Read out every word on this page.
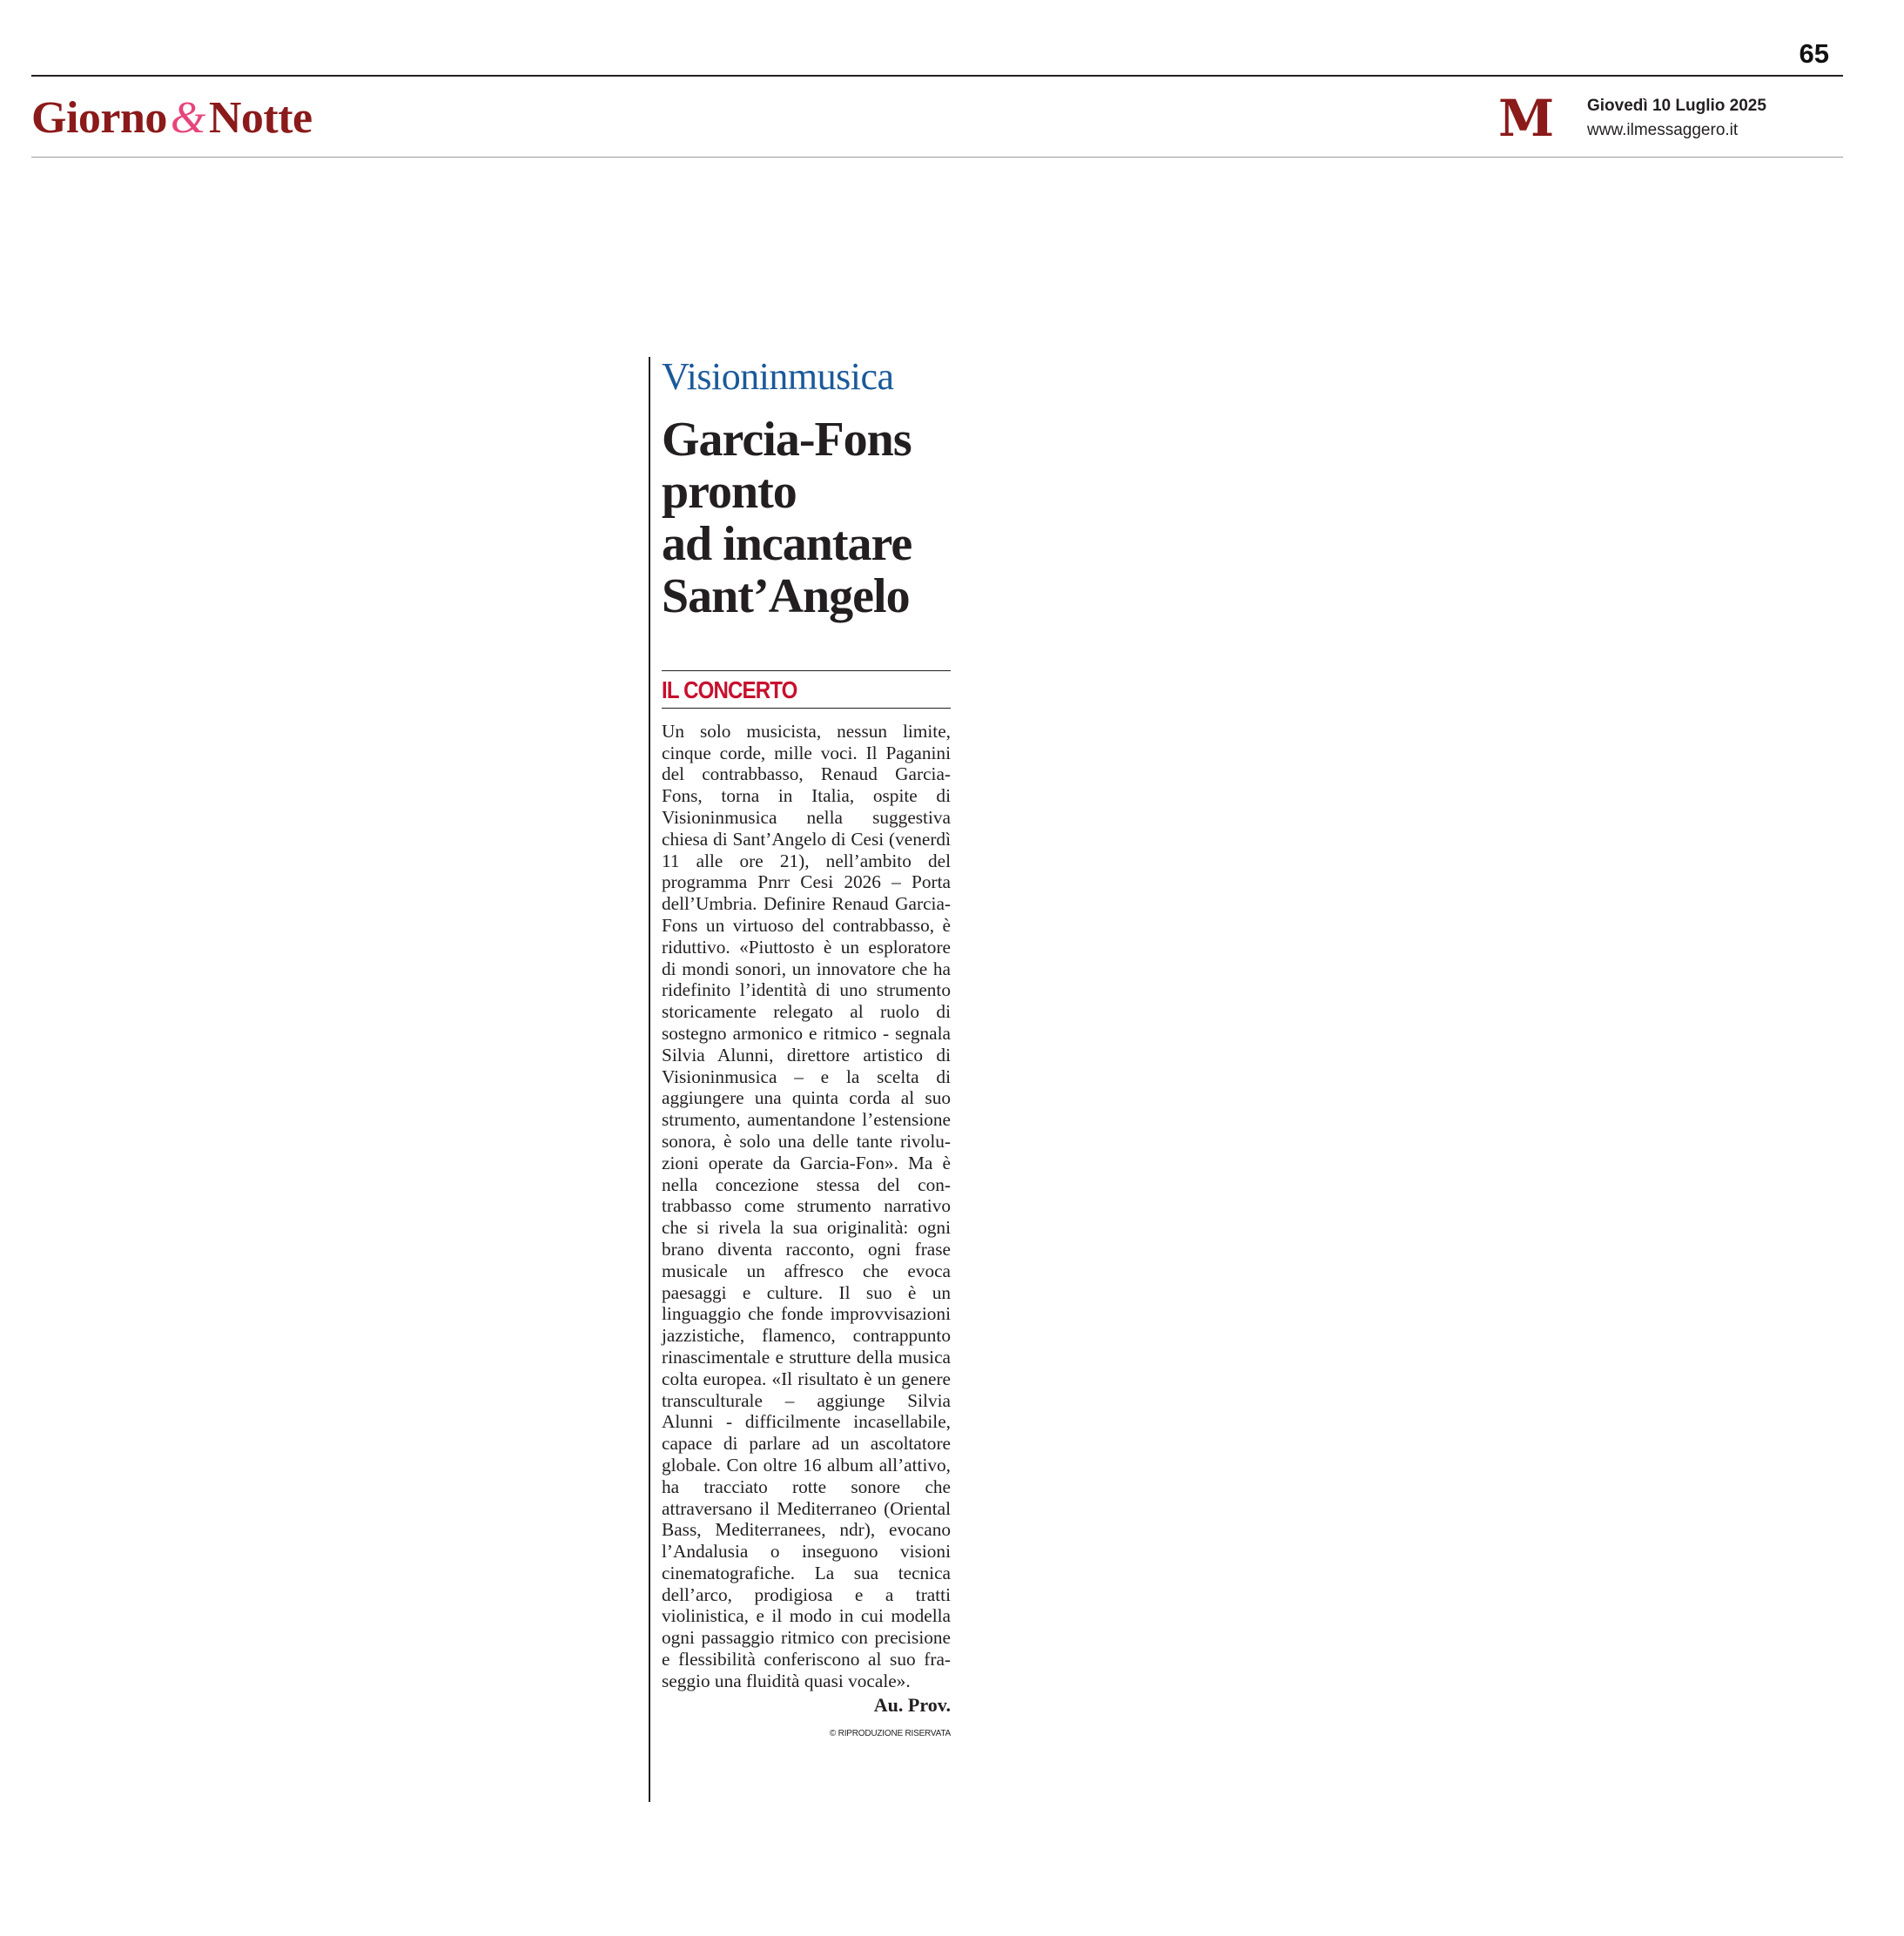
65
Giorno&Notte	M Giovedì 10 Luglio 2025
www.ilmessaggero.it
Visioninmusica
Garcia-Fons
pronto
ad incantare
Sant’Angelo
IL CONCERTO
Un solo musicista, nessun limite, cinque corde, mille voci. Il Paganini del contrabbasso, Renaud Garcia-Fons, torna in Italia, ospite di Visioninmusica nella suggestiva chiesa di Sant’Angelo di Cesi (venerdì 11 alle ore 21), nell’ambito del programma Pnrr Cesi 2026 – Porta dell’Umbria. Definire Renaud Garcia-Fons un virtuoso del contrabbasso, è riduttivo. «Piuttosto è un esploratore di mondi sonori, un innovatore che ha ridefinito l’identità di uno strumento storicamente relegato al ruolo di sostegno armonico e ritmico - segnala Silvia Alunni, direttore artistico di Visioninmusica – e la scelta di aggiungere una quinta corda al suo strumento, aumentandone l’estensione sonora, è solo una delle tante rivoluzioni operate da Garcia-Fon». Ma è nella concezione stessa del contrabbasso come strumento narrativo che si rivela la sua originalità: ogni brano diventa racconto, ogni frase musicale un affresco che evoca paesaggi e culture. Il suo è un linguaggio che fonde improvvisazioni jazzistiche, flamenco, contrappunto rinascimentale e strutture della musica colta europea. «Il risultato è un genere transculturale – aggiunge Silvia Alunni - difficilmente incasellabile, capace di parlare ad un ascoltatore globale. Con oltre 16 album all’attivo, ha tracciato rotte sonore che attraversano il Mediterraneo (Oriental Bass, Mediterranees, ndr), evocano l’Andalusia o inseguono visioni cinematografiche. La sua tecnica dell’arco, prodigiosa e a tratti violinistica, e il modo in cui modella ogni passaggio ritmico con precisione e flessibilità conferiscono al suo fraseggio una fluidità quasi vocale».
Au. Prov.
© RIPRODUZIONE RISERVATA
